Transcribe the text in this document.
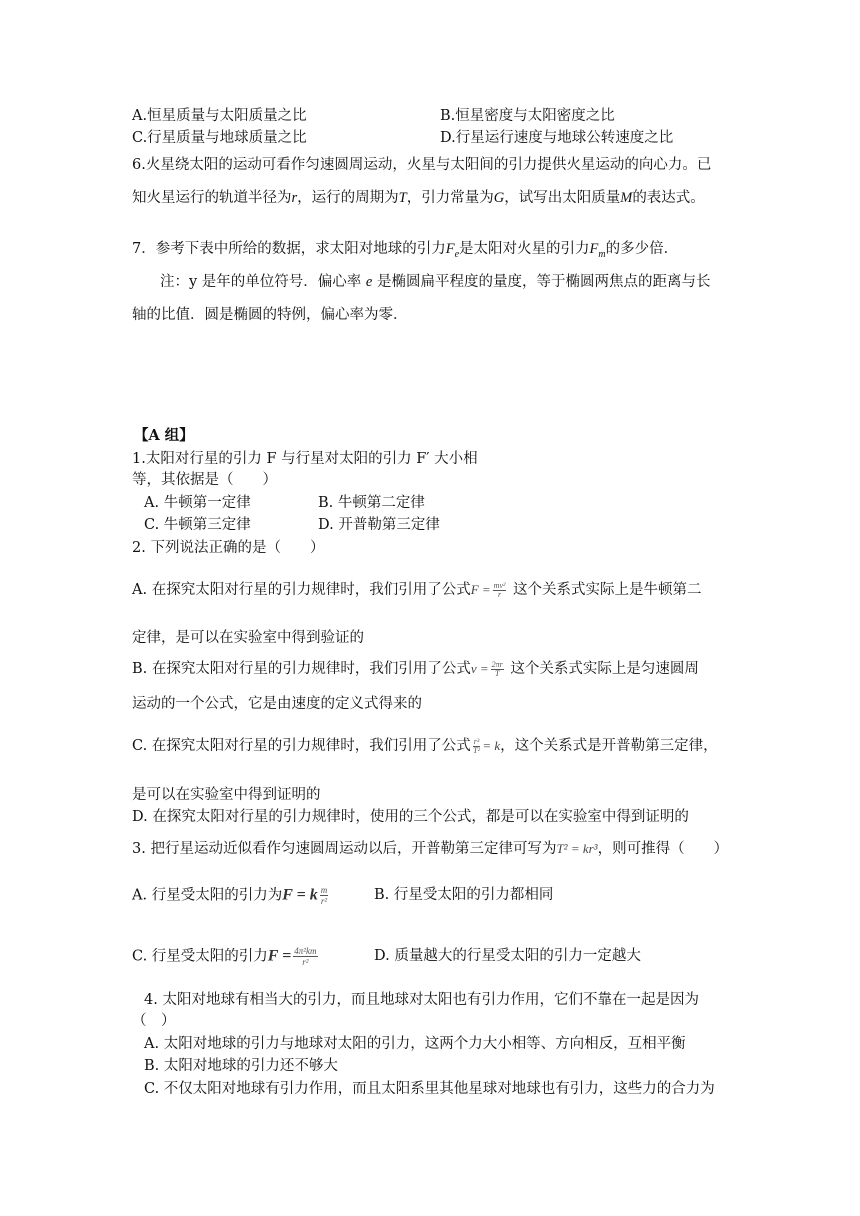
A.恒星质量与太阳质量之比	B.恒星密度与太阳密度之比
C.行星质量与地球质量之比	D.行星运行速度与地球公转速度之比
6.火星绕太阳的运动可看作匀速圆周运动，火星与太阳间的引力提供火星运动的向心力。已
知火星运行的轨道半径为r，运行的周期为T，引力常量为G，试写出太阳质量M的表达式。
7．参考下表中所给的数据，求太阳对地球的引力$F_e$是太阳对火星的引力$F_m$的多少倍．
注：y 是年的单位符号．偏心率 e 是椭圆扁平程度的量度，等于椭圆两焦点的距离与长
轴的比值．圆是椭圆的特例，偏心率为零．
【A 组】
1.太阳对行星的引力 F 与行星对太阳的引力 F′ 大小相
等，其依据是（　　）
A. 牛顿第一定律	B. 牛顿第二定律
C. 牛顿第三定律	D. 开普勒第三定律
2. 下列说法正确的是（　　）
A. 在探究太阳对行星的引力规律时，我们引用了公式$F = \frac{\text{mv²}}{r}$ 这个关系式实际上是牛顿第二
定律，是可以在实验室中得到验证的
B. 在探究太阳对行星的引力规律时，我们引用了公式$v = \frac{2\pi r}{T}$ 这个关系式实际上是匀速圆周
运动的一个公式，它是由速度的定义式得来的
C. 在探究太阳对行星的引力规律时，我们引用了公式 $\frac{\text{r³}}{\text{T²}} = k$，这个关系式是开普勒第三定律，
是可以在实验室中得到证明的
D. 在探究太阳对行星的引力规律时，使用的三个公式，都是可以在实验室中得到证明的
3. 把行星运动近似看作匀速圆周运动以后，开普勒第三定律可写为T² = kr³，则可推得（　　）
A. 行星受太阳的引力为F = k $\frac{m}{\text{r²}}$	B. 行星受太阳的引力都相同
C. 行星受太阳的引力$F = \frac{\text{4π²km}}{\text{r²}}$	D. 质量越大的行星受太阳的引力一定越大
4. 太阳对地球有相当大的引力，而且地球对太阳也有引力作用，它们不靠在一起是因为
（　）
A. 太阳对地球的引力与地球对太阳的引力，这两个力大小相等、方向相反，互相平衡
B. 太阳对地球的引力还不够大
C. 不仅太阳对地球有引力作用，而且太阳系里其他星球对地球也有引力，这些力的合力为
